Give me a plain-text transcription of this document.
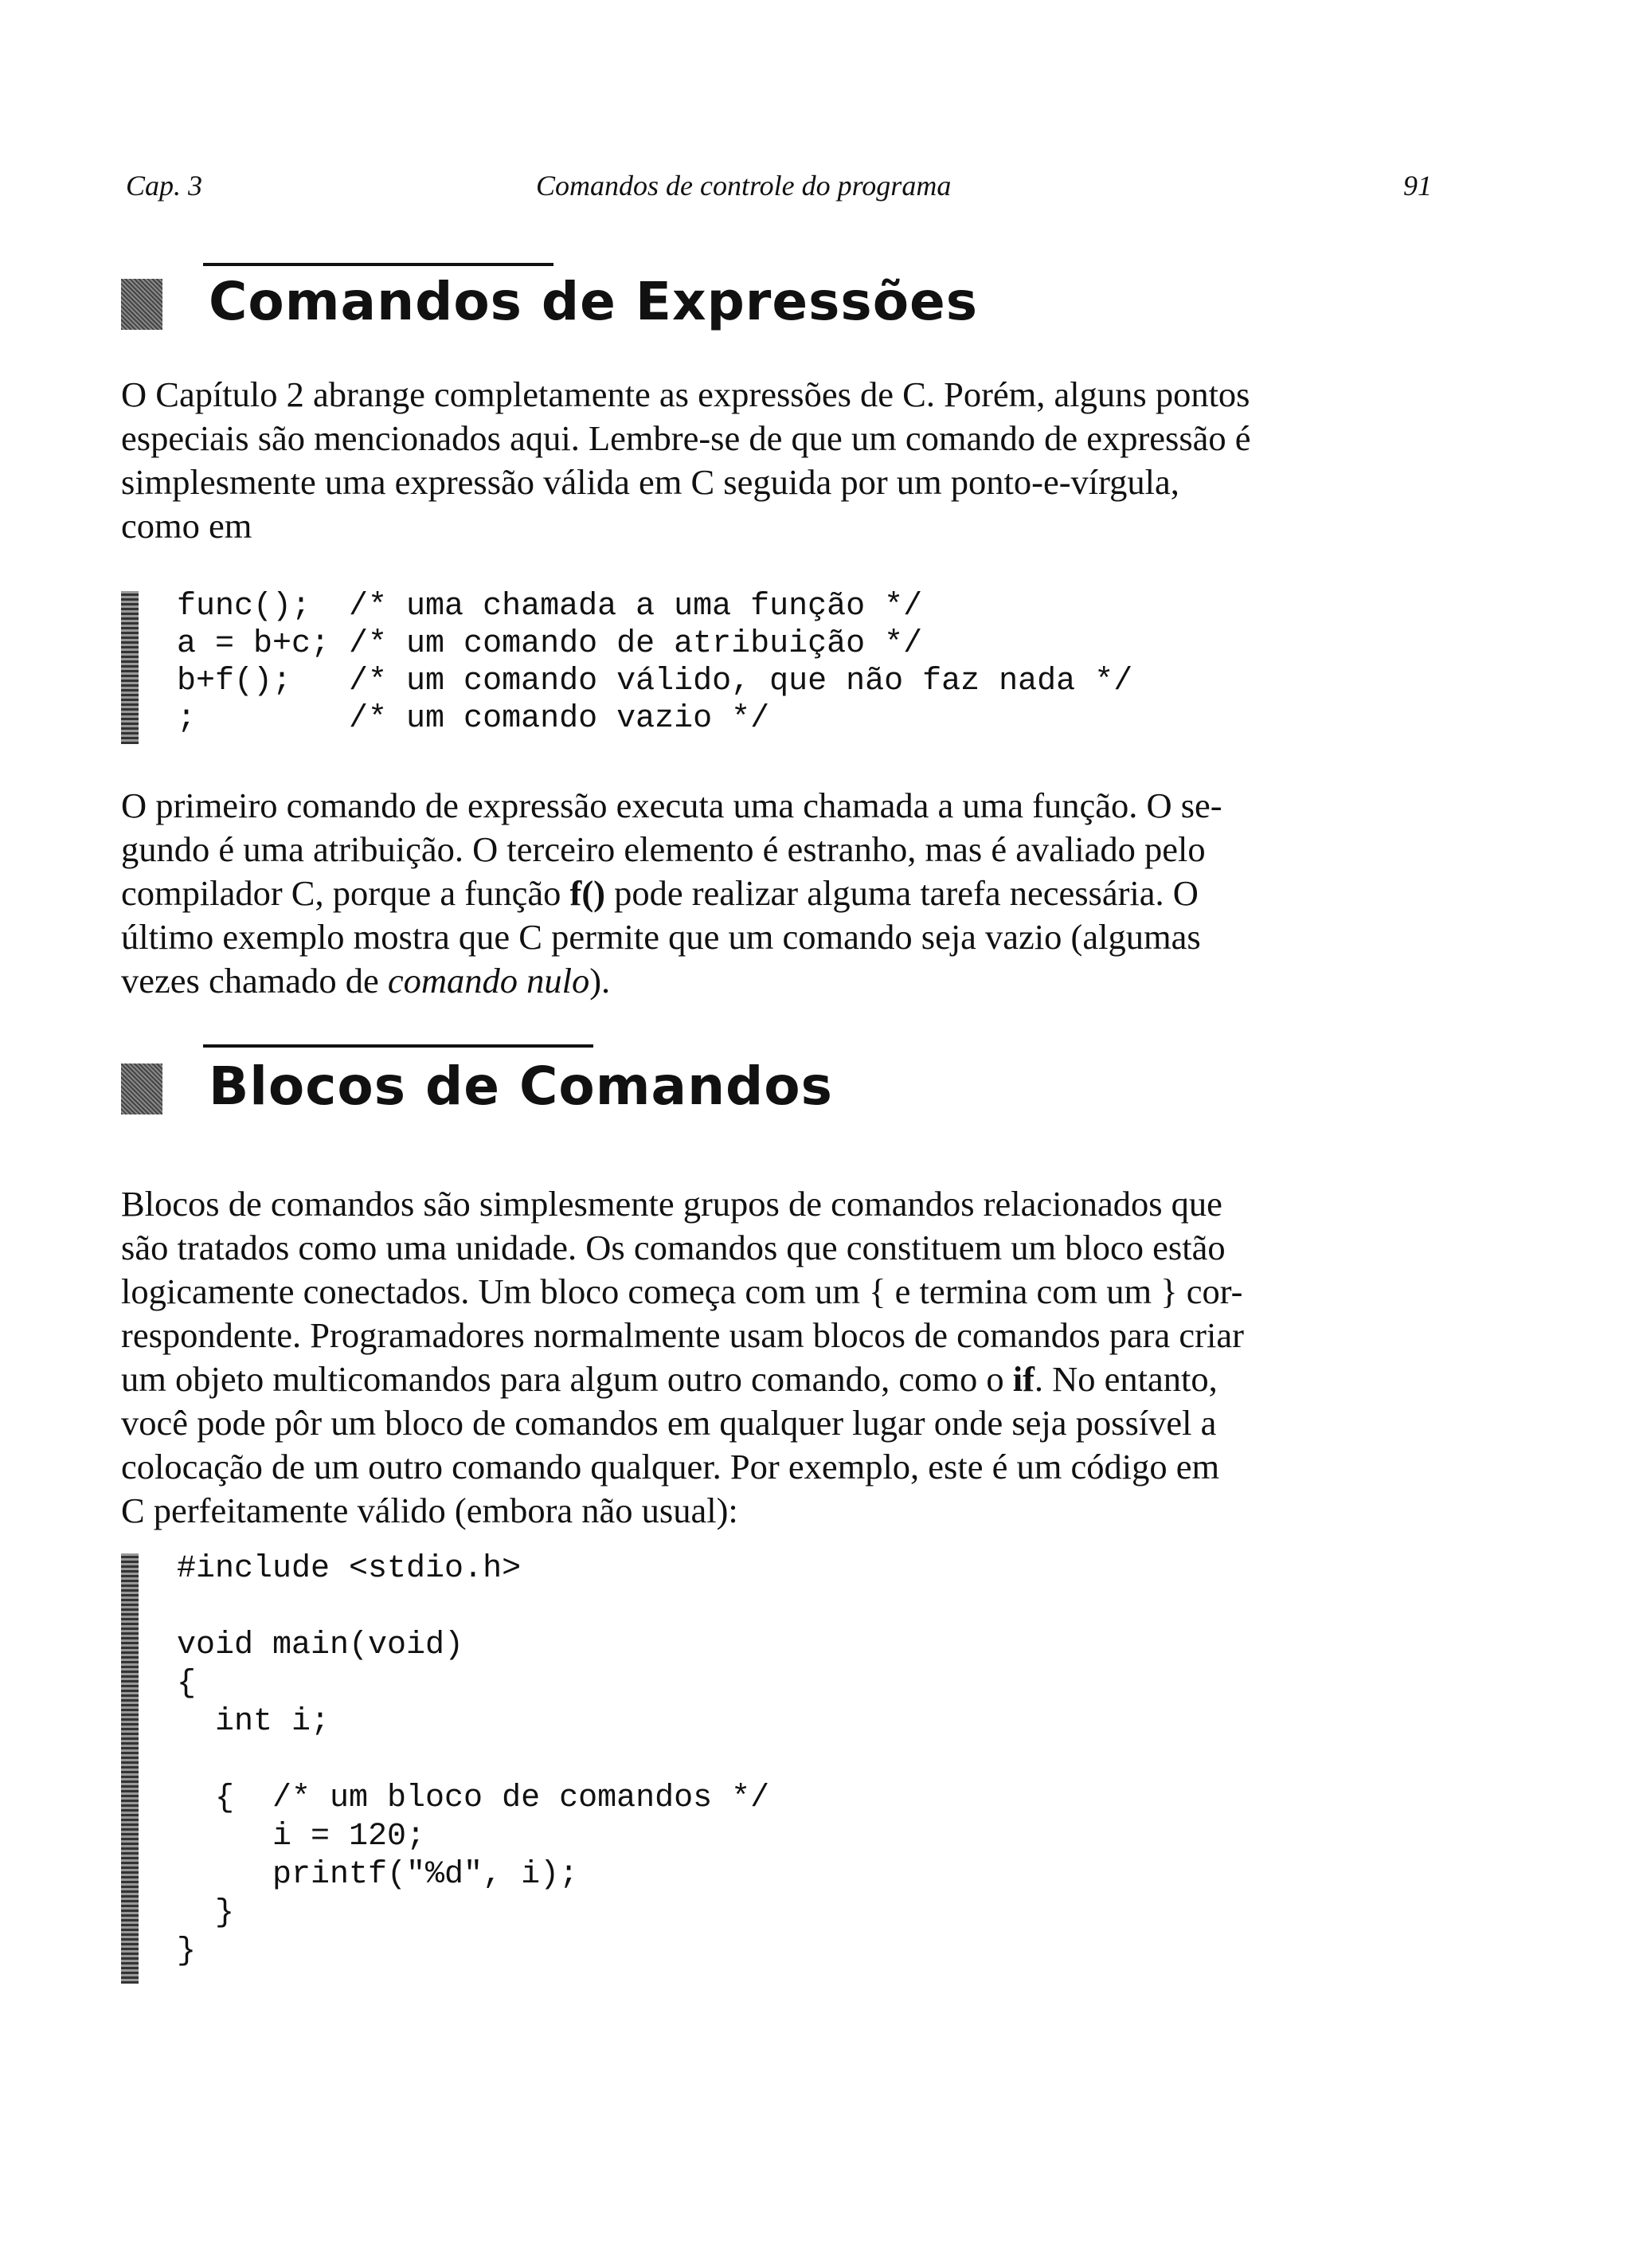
Cap. 3	Comandos de controle do programa	91
Comandos de Expressões

O Capítulo 2 abrange completamente as expressões de C. Porém, alguns pontos
especiais são mencionados aqui. Lembre-se de que um comando de expressão é
simplesmente uma expressão válida em C seguida por um ponto-e-vírgula,
como em

func();  /* uma chamada a uma função */
a = b+c; /* um comando de atribuição */
b+f();   /* um comando válido, que não faz nada */
;        /* um comando vazio */

O primeiro comando de expressão executa uma chamada a uma função. O se-
gundo é uma atribuição. O terceiro elemento é estranho, mas é avaliado pelo
compilador C, porque a função f() pode realizar alguma tarefa necessária. O
último exemplo mostra que C permite que um comando seja vazio (algumas
vezes chamado de comando nulo).

Blocos de Comandos

Blocos de comandos são simplesmente grupos de comandos relacionados que
são tratados como uma unidade. Os comandos que constituem um bloco estão
logicamente conectados. Um bloco começa com um { e termina com um } cor-
respondente. Programadores normalmente usam blocos de comandos para criar
um objeto multicomandos para algum outro comando, como o if. No entanto,
você pode pôr um bloco de comandos em qualquer lugar onde seja possível a
colocação de um outro comando qualquer. Por exemplo, este é um código em
C perfeitamente válido (embora não usual):

#include <stdio.h>

void main(void)
{
int i;

{  /* um bloco de comandos */
i = 120;
printf("%d", i);
}
}
